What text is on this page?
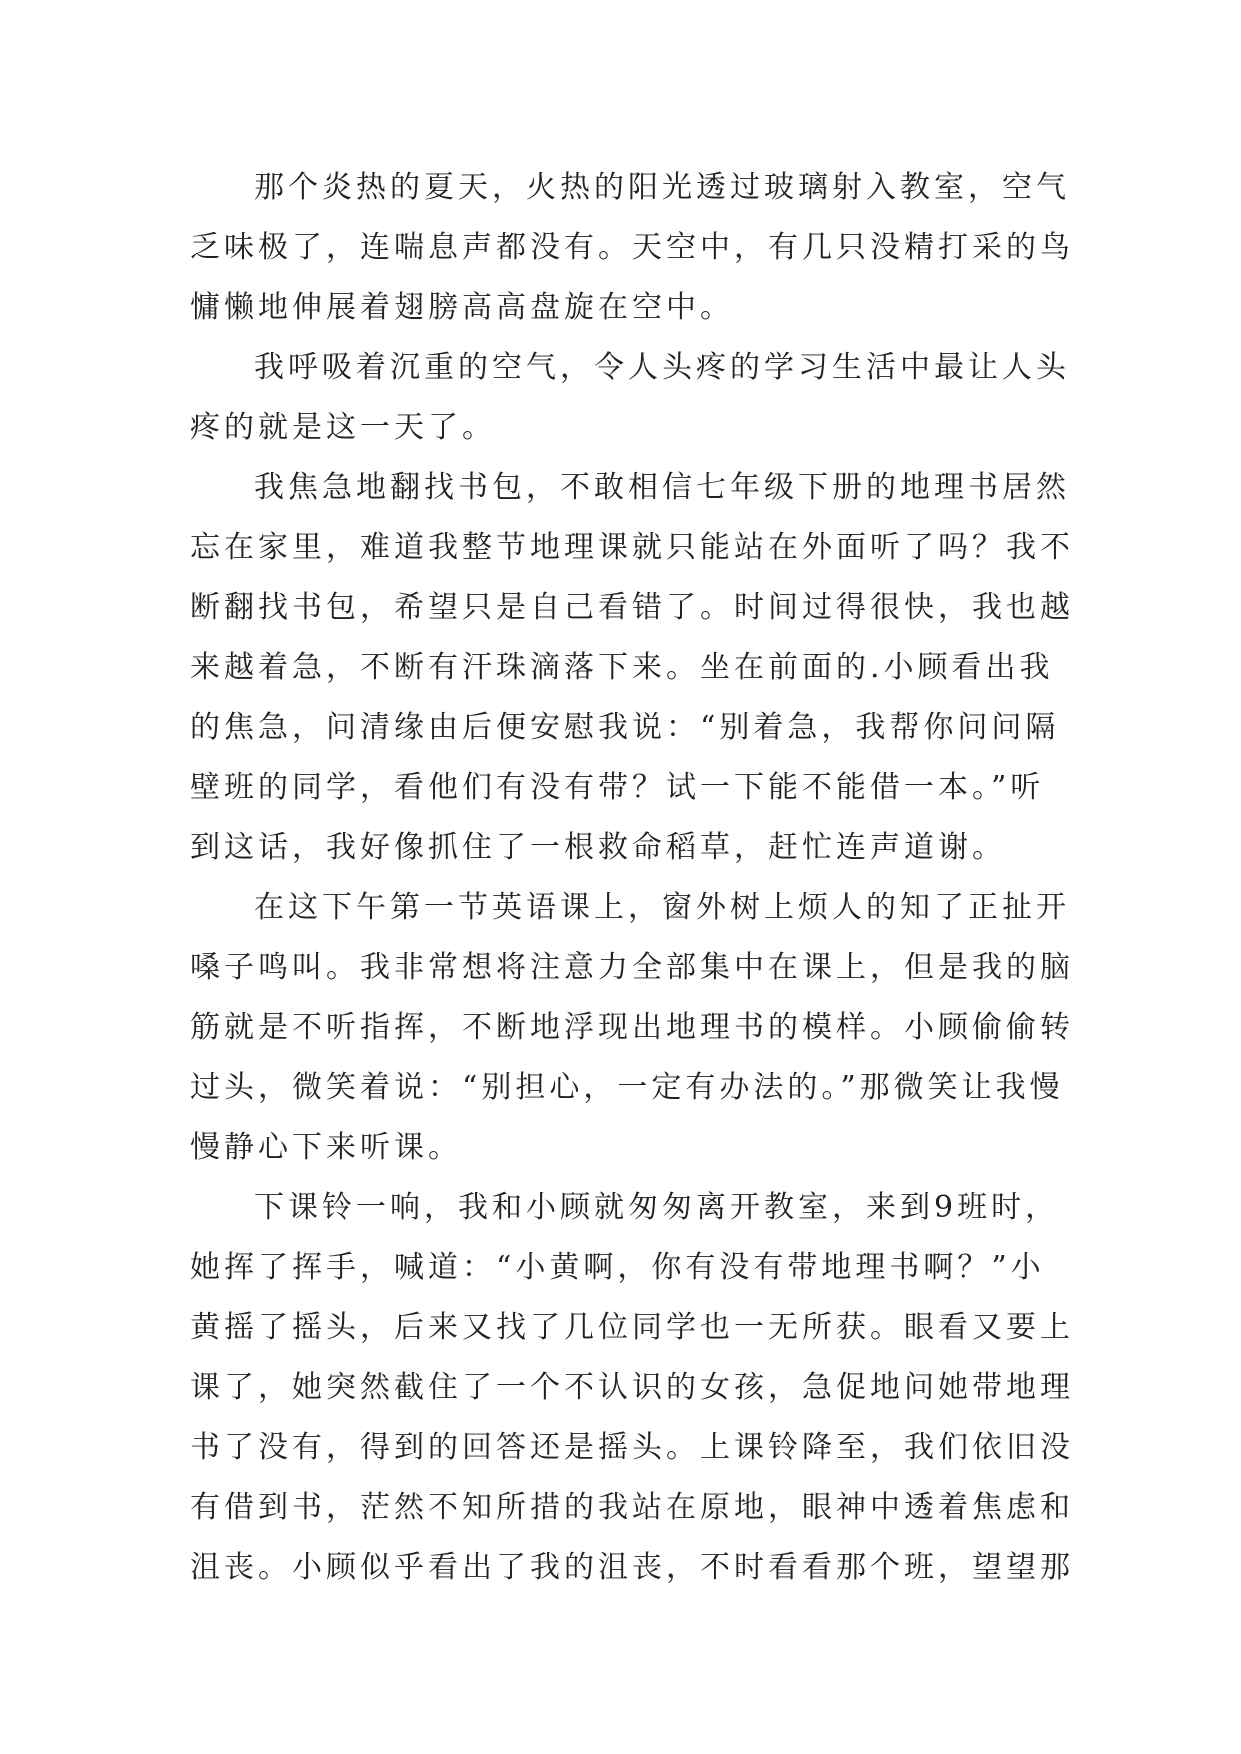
那个炎热的夏天，火热的阳光透过玻璃射入教室，空气
乏味极了，连喘息声都没有。天空中，有几只没精打采的鸟
慵懒地伸展着翅膀高高盘旋在空中。

我呼吸着沉重的空气，令人头疼的学习生活中最让人头
疼的就是这一天了。

我焦急地翻找书包，不敢相信七年级下册的地理书居然
忘在家里，难道我整节地理课就只能站在外面听了吗？我不
断翻找书包，希望只是自己看错了。时间过得很快，我也越
来越着急，不断有汗珠滴落下来。坐在前面的.小顾看出我
的焦急，问清缘由后便安慰我说：“别着急，我帮你问问隔
壁班的同学，看他们有没有带？试一下能不能借一本。”听
到这话，我好像抓住了一根救命稻草，赶忙连声道谢。

在这下午第一节英语课上，窗外树上烦人的知了正扯开
嗓子鸣叫。我非常想将注意力全部集中在课上，但是我的脑
筋就是不听指挥，不断地浮现出地理书的模样。小顾偷偷转
过头，微笑着说：“别担心，一定有办法的。”那微笑让我慢
慢静心下来听课。

下课铃一响，我和小顾就匆匆离开教室，来到9班时，
她挥了挥手，喊道：“小黄啊，你有没有带地理书啊？”小
黄摇了摇头，后来又找了几位同学也一无所获。眼看又要上
课了，她突然截住了一个不认识的女孩，急促地问她带地理
书了没有，得到的回答还是摇头。上课铃降至，我们依旧没
有借到书，茫然不知所措的我站在原地，眼神中透着焦虑和
沮丧。小顾似乎看出了我的沮丧，不时看看那个班，望望那
